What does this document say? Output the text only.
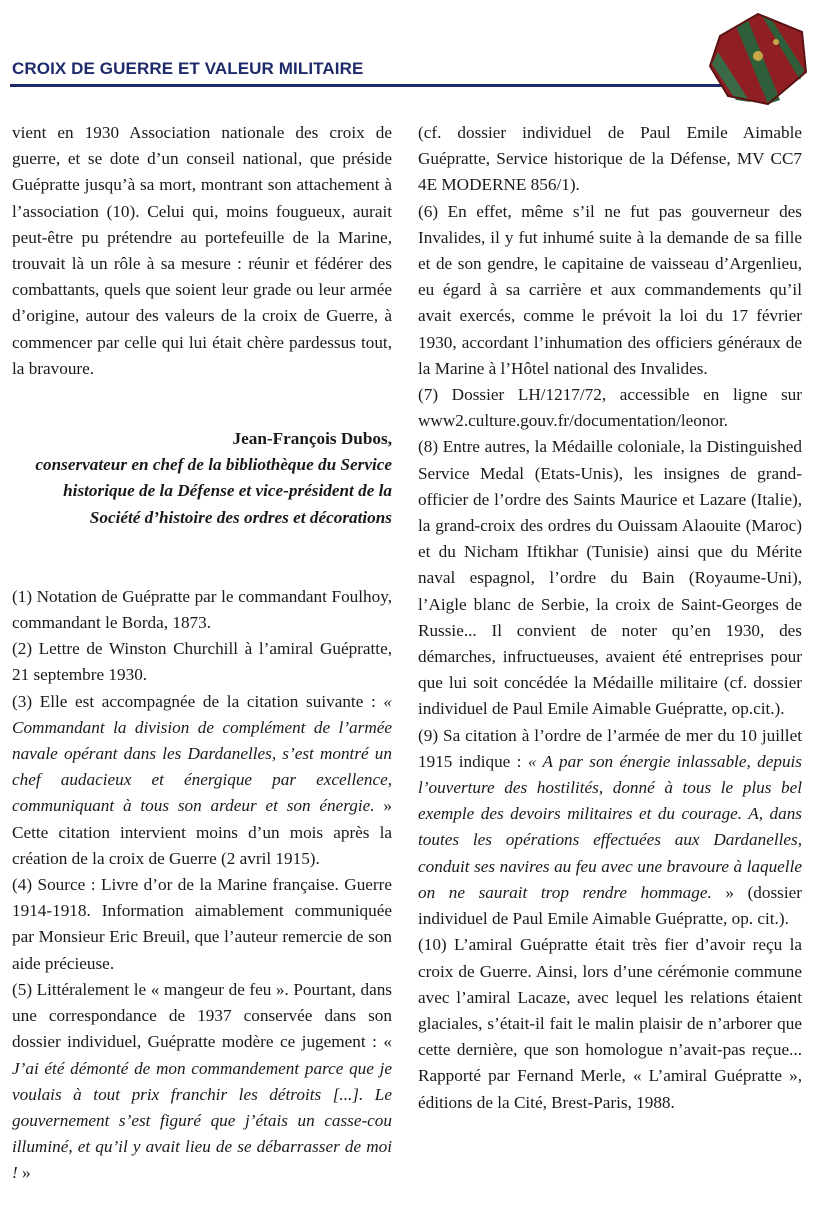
CROIX DE GUERRE ET VALEUR MILITAIRE

vient en 1930 Association nationale des croix de guerre, et se dote d’un conseil national, que préside Guépratte jusqu’à sa mort, montrant son attachement à l’association (10). Celui qui, moins fougueux, aurait peut-être pu prétendre au portefeuille de la Marine, trouvait là un rôle à sa mesure : réunir et fédérer des combattants, quels que soient leur grade ou leur armée d’origine, autour des valeurs de la croix de Guerre, à commencer par celle qui lui était chère pardessus tout, la bravoure.

Jean-François Dubos,

conservateur en chef de la bibliothèque du Service historique de la Défense et vice-président de la Société d’histoire des ordres et décorations

(1) Notation de Guépratte par le commandant Foulhoy, commandant le Borda, 1873.

(2) Lettre de Winston Churchill à l’amiral Guépratte, 21 septembre 1930.

(3) Elle est accompagnée de la citation suivante : « Commandant la division de complément de l’armée navale opérant dans les Dardanelles, s’est montré un chef audacieux et énergique par excellence, communiquant à tous son ardeur et son énergie. » Cette citation intervient moins d’un mois après la création de la croix de Guerre (2 avril 1915).

(4) Source : Livre d’or de la Marine française. Guerre 1914-1918. Information aimablement communiquée par Monsieur Eric Breuil, que l’auteur remercie de son aide précieuse.

(5) Littéralement le « mangeur de feu ». Pourtant, dans une correspondance de 1937 conservée dans son dossier individuel, Guépratte modère ce jugement : « J’ai été démonté de mon commandement parce que je voulais à tout prix franchir les détroits [...]. Le gouvernement s’est figuré que j’étais un casse-cou illuminé, et qu’il y avait lieu de se débarrasser de moi ! »

(cf. dossier individuel de Paul Emile Aimable Guépratte, Service historique de la Défense, MV CC7 4E MODERNE 856/1).

(6) En effet, même s’il ne fut pas gouverneur des Invalides, il y fut inhumé suite à la demande de sa fille et de son gendre, le capitaine de vaisseau d’Argenlieu, eu égard à sa carrière et aux commandements qu’il avait exercés, comme le prévoit la loi du 17 février 1930, accordant l’inhumation des officiers généraux de la Marine à l’Hôtel national des Invalides.

(7) Dossier LH/1217/72, accessible en ligne sur www2.culture.gouv.fr/documentation/leonor.

(8) Entre autres, la Médaille coloniale, la Distinguished Service Medal (Etats-Unis), les insignes de grand-officier de l’ordre des Saints Maurice et Lazare (Italie), la grand-croix des ordres du Ouissam Alaouite (Maroc) et du Nicham Iftikhar (Tunisie) ainsi que du Mérite naval espagnol, l’ordre du Bain (Royaume-Uni), l’Aigle blanc de Serbie, la croix de Saint-Georges de Russie... Il convient de noter qu’en 1930, des démarches, infructueuses, avaient été entreprises pour que lui soit concédée la Médaille militaire (cf. dossier individuel de Paul Emile Aimable Guépratte, op.cit.).

(9) Sa citation à l’ordre de l’armée de mer du 10 juillet 1915 indique : « A par son énergie inlassable, depuis l’ouverture des hostilités, donné à tous le plus bel exemple des devoirs militaires et du courage. A, dans toutes les opérations effectuées aux Dardanelles, conduit ses navires au feu avec une bravoure à laquelle on ne saurait trop rendre hommage. » (dossier individuel de Paul Emile Aimable Guépratte, op. cit.).

(10) L’amiral Guépratte était très fier d’avoir reçu la croix de Guerre. Ainsi, lors d’une cérémonie commune avec l’amiral Lacaze, avec lequel les relations étaient glaciales, s’était-il fait le malin plaisir de n’arborer que cette dernière, que son homologue n’avait-pas reçue... Rapporté par Fernand Merle, « L’amiral Guépratte », éditions de la Cité, Brest-Paris, 1988.
